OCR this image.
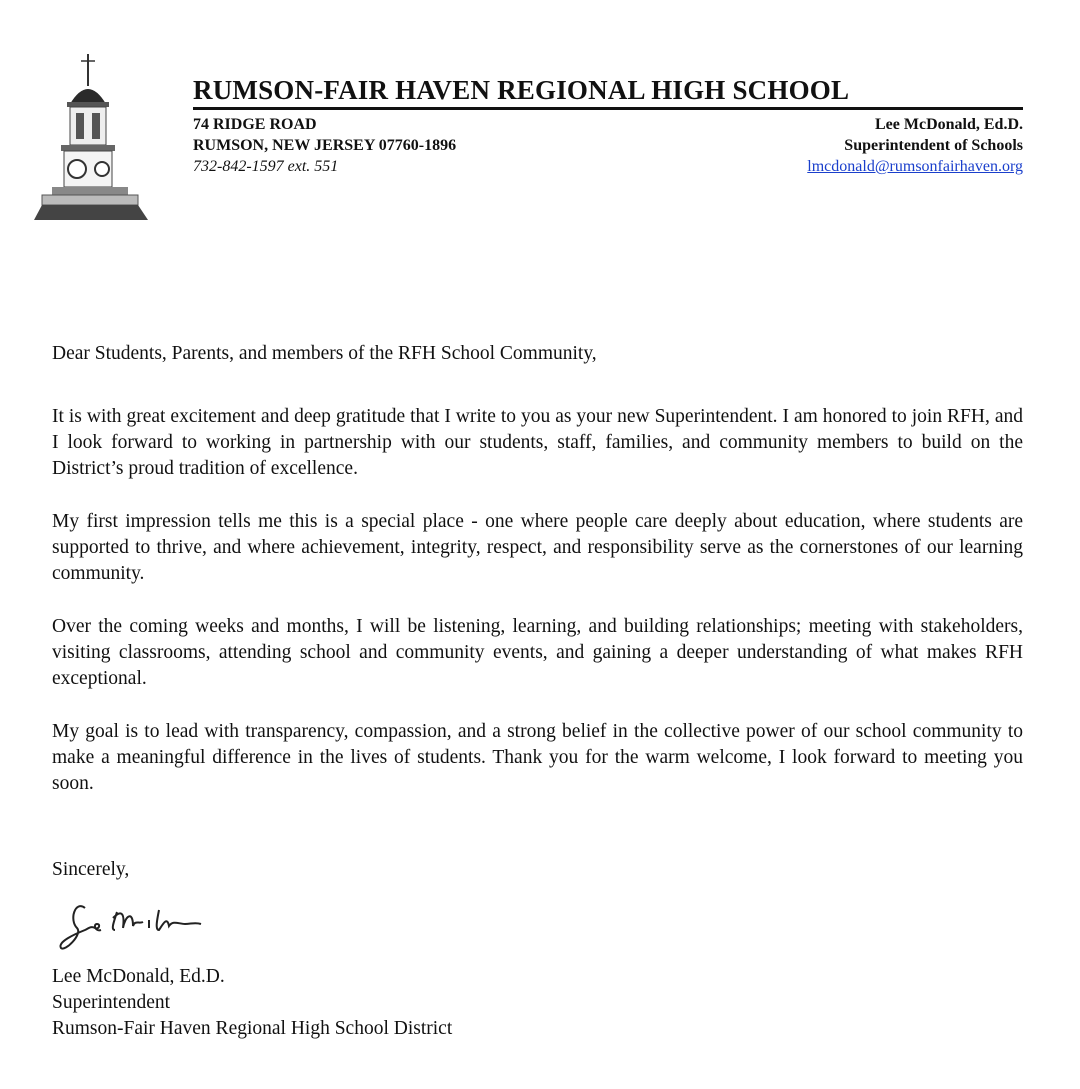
RUMSON-FAIR HAVEN REGIONAL HIGH SCHOOL
74 RIDGE ROAD
RUMSON, NEW JERSEY 07760-1896
732-842-1597 ext. 551
Lee McDonald, Ed.D.
Superintendent of Schools
lmcdonald@rumsonfairhaven.org

Dear Students, Parents, and members of the RFH School Community,

It is with great excitement and deep gratitude that I write to you as your new Superintendent. I am honored to join RFH, and I look forward to working in partnership with our students, staff, families, and community members to build on the District’s proud tradition of excellence.

My first impression tells me this is a special place - one where people care deeply about education, where students are supported to thrive, and where achievement, integrity, respect, and responsibility serve as the cornerstones of our learning community.

Over the coming weeks and months, I will be listening, learning, and building relationships; meeting with stakeholders, visiting classrooms, attending school and community events, and gaining a deeper understanding of what makes RFH exceptional.

My goal is to lead with transparency, compassion, and a strong belief in the collective power of our school community to make a meaningful difference in the lives of students. Thank you for the warm welcome, I look forward to meeting you soon.

Sincerely,
Lee McDonald, Ed.D.
Superintendent
Rumson-Fair Haven Regional High School District
